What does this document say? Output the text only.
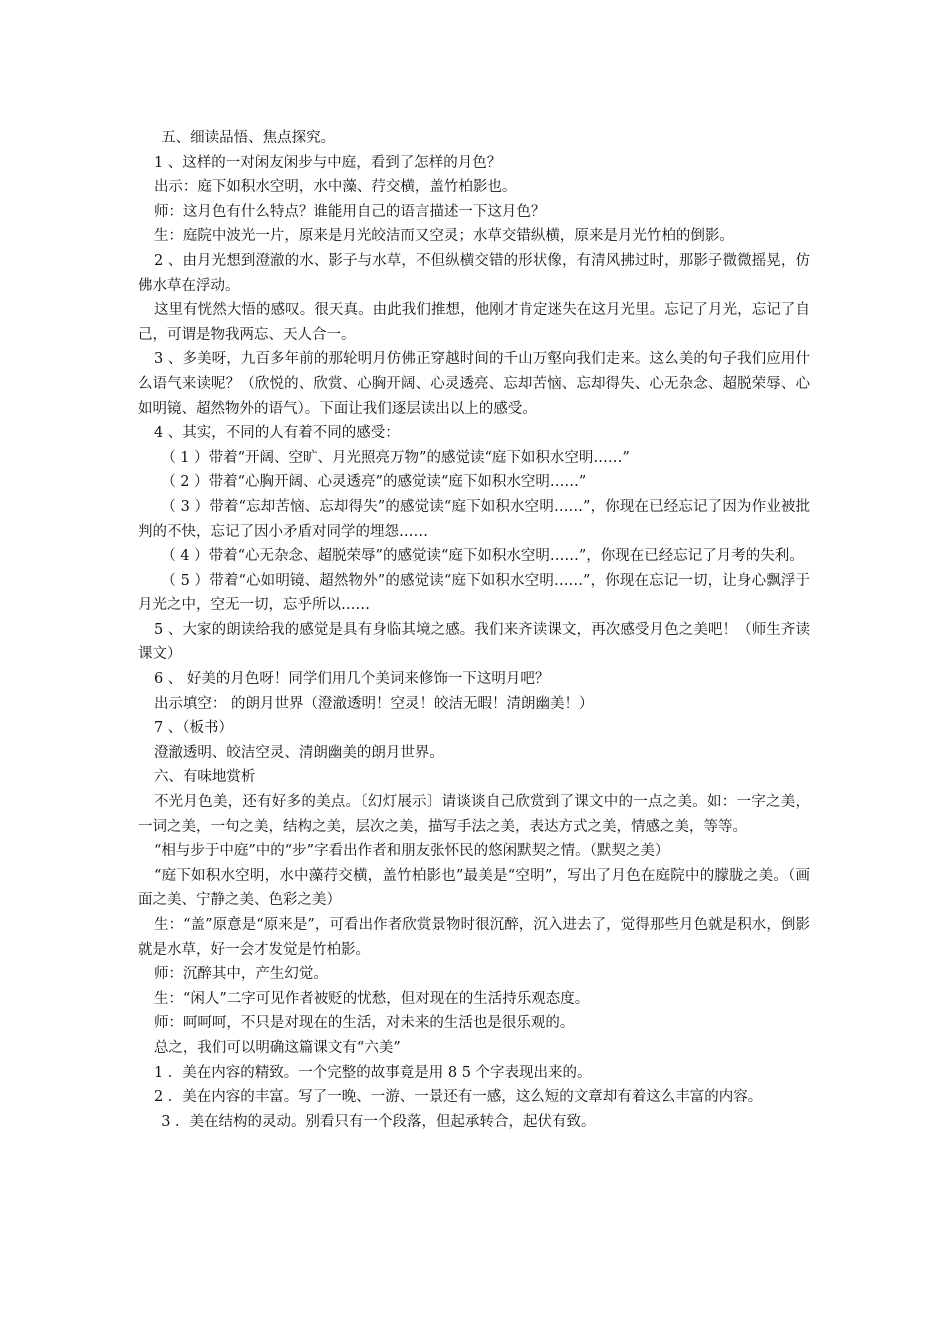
五、细读品悟、焦点探究。

1 、这样的一对闲友闲步与中庭，看到了怎样的月色？

出示：庭下如积水空明，水中藻、荇交横，盖竹柏影也。

师：这月色有什么特点？谁能用自己的语言描述一下这月色？

生：庭院中波光一片，原来是月光皎洁而又空灵；水草交错纵横，原来是月光竹柏的倒影。

2 、由月光想到澄澈的水、影子与水草，不但纵横交错的形状像，有清风拂过时，那影子微微摇晃，仿佛水草在浮动。

这里有恍然大悟的感叹。很天真。由此我们推想，他刚才肯定迷失在这月光里。忘记了月光，忘记了自己，可谓是物我两忘、天人合一。

3 、多美呀，九百多年前的那轮明月仿佛正穿越时间的千山万壑向我们走来。这么美的句子我们应用什么语气来读呢？（欣悦的、欣赏、心胸开阔、心灵透亮、忘却苦恼、忘却得失、心无杂念、超脱荣辱、心如明镜、超然物外的语气）。下面让我们逐层读出以上的感受。

4 、其实，不同的人有着不同的感受：

（ 1 ）带着“开阔、空旷、月光照亮万物”的感觉读“庭下如积水空明……”

（ 2 ）带着“心胸开阔、心灵透亮”的感觉读“庭下如积水空明……”

（ 3 ）带着“忘却苦恼、忘却得失”的感觉读“庭下如积水空明……”，你现在已经忘记了因为作业被批判的不快，忘记了因小矛盾对同学的埋怨……

（ 4 ）带着“心无杂念、超脱荣辱”的感觉读“庭下如积水空明……”，你现在已经忘记了月考的失利。

（ 5 ）带着“心如明镜、超然物外”的感觉读“庭下如积水空明……”，你现在忘记一切，让身心飘浮于月光之中，空无一切，忘乎所以……

5 、大家的朗读给我的感觉是具有身临其境之感。我们来齐读课文，再次感受月色之美吧！（师生齐读课文）

6 、 好美的月色呀！同学们用几个美词来修饰一下这明月吧？

出示填空： 的朗月世界（澄澈透明！空灵！皎洁无暇！清朗幽美！）

7 、（板书）

澄澈透明、皎洁空灵、清朗幽美的朗月世界。

六、有味地赏析

不光月色美，还有好多的美点。〔幻灯展示〕请谈谈自己欣赏到了课文中的一点之美。如：一字之美，一词之美，一句之美，结构之美，层次之美，描写手法之美，表达方式之美，情感之美，等等。

“相与步于中庭”中的“步”字看出作者和朋友张怀民的悠闲默契之情。（默契之美）

“庭下如积水空明，水中藻荇交横，盖竹柏影也”最美是“空明”，写出了月色在庭院中的朦胧之美。（画面之美、宁静之美、色彩之美）

生：“盖”原意是“原来是”，可看出作者欣赏景物时很沉醉，沉入进去了，觉得那些月色就是积水，倒影就是水草，好一会才发觉是竹柏影。

师：沉醉其中，产生幻觉。

生：“闲人”二字可见作者被贬的忧愁，但对现在的生活持乐观态度。

师：呵呵呵，不只是对现在的生活，对未来的生活也是很乐观的。

总之，我们可以明确这篇课文有“六美”

1 ．美在内容的精致。一个完整的故事竟是用 8 5 个字表现出来的。

2 ．美在内容的丰富。写了一晚、一游、一景还有一感，这么短的文章却有着这么丰富的内容。

3 ．美在结构的灵动。别看只有一个段落，但起承转合，起伏有致。
